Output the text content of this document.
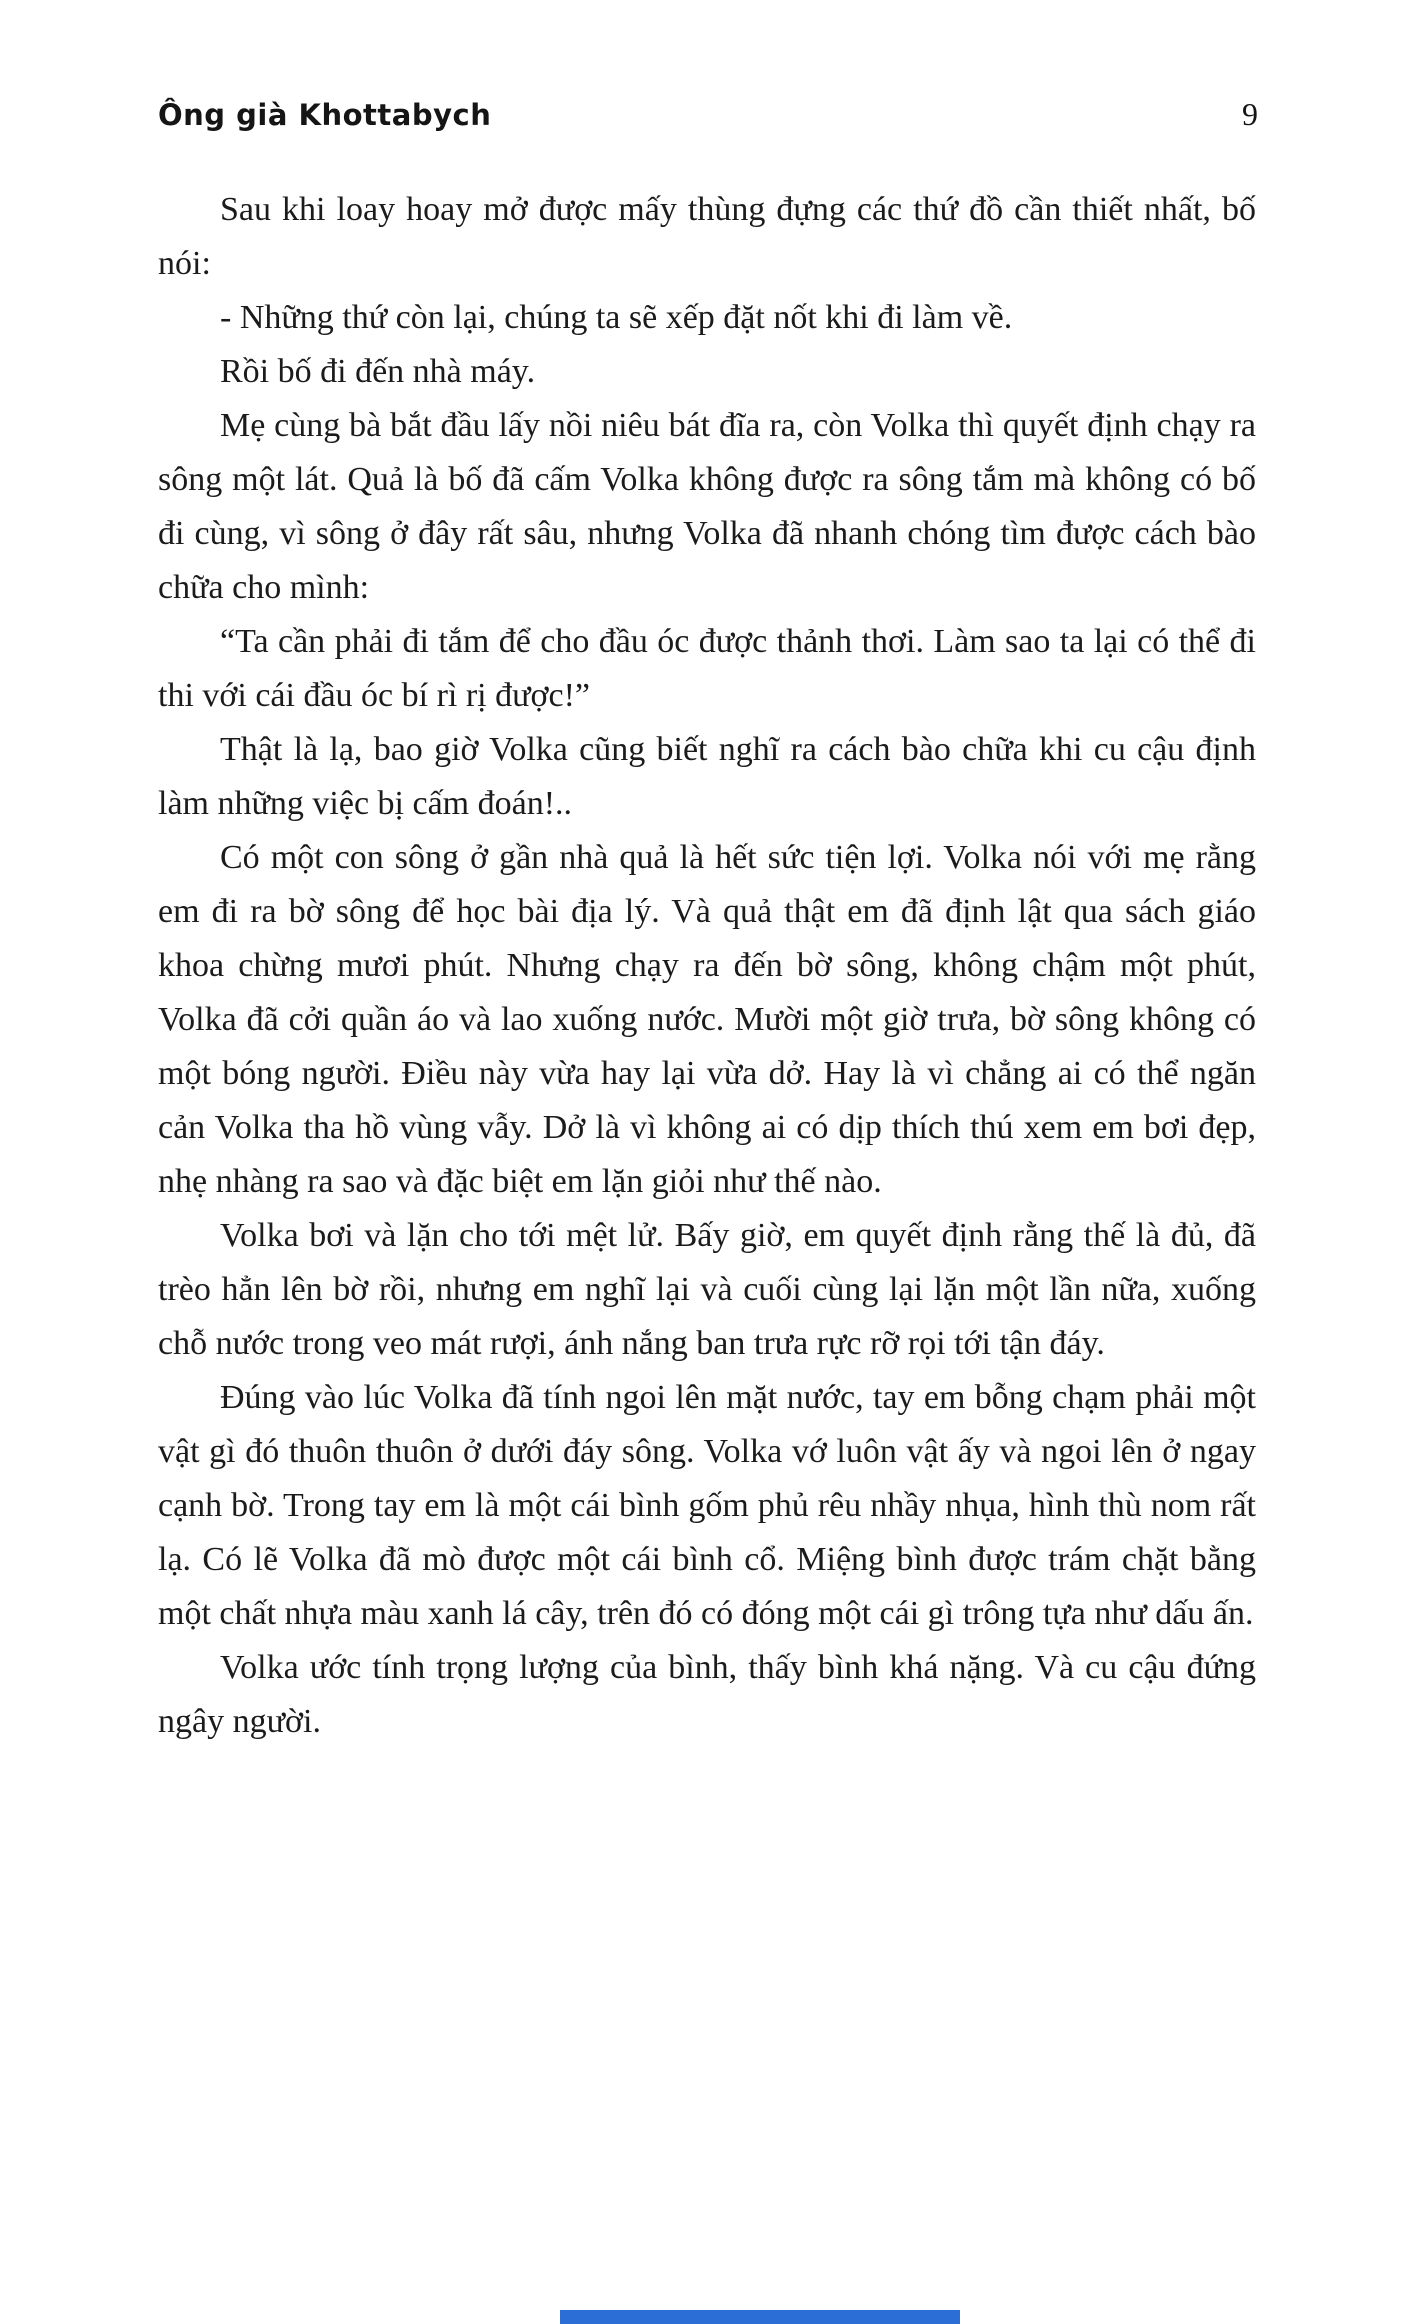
Ông già Khottabych	9

Sau khi loay hoay mở được mấy thùng đựng các thứ đồ cần thiết nhất, bố nói:

- Những thứ còn lại, chúng ta sẽ xếp đặt nốt khi đi làm về.

Rồi bố đi đến nhà máy.

Mẹ cùng bà bắt đầu lấy nồi niêu bát đĩa ra, còn Volka thì quyết định chạy ra sông một lát. Quả là bố đã cấm Volka không được ra sông tắm mà không có bố đi cùng, vì sông ở đây rất sâu, nhưng Volka đã nhanh chóng tìm được cách bào chữa cho mình:

“Ta cần phải đi tắm để cho đầu óc được thảnh thơi. Làm sao ta lại có thể đi thi với cái đầu óc bí rì rị được!”

Thật là lạ, bao giờ Volka cũng biết nghĩ ra cách bào chữa khi cu cậu định làm những việc bị cấm đoán!..

Có một con sông ở gần nhà quả là hết sức tiện lợi. Volka nói với mẹ rằng em đi ra bờ sông để học bài địa lý. Và quả thật em đã định lật qua sách giáo khoa chừng mươi phút. Nhưng chạy ra đến bờ sông, không chậm một phút, Volka đã cởi quần áo và lao xuống nước. Mười một giờ trưa, bờ sông không có một bóng người. Điều này vừa hay lại vừa dở. Hay là vì chẳng ai có thể ngăn cản Volka tha hồ vùng vẫy. Dở là vì không ai có dịp thích thú xem em bơi đẹp, nhẹ nhàng ra sao và đặc biệt em lặn giỏi như thế nào.

Volka bơi và lặn cho tới mệt lử. Bấy giờ, em quyết định rằng thế là đủ, đã trèo hẳn lên bờ rồi, nhưng em nghĩ lại và cuối cùng lại lặn một lần nữa, xuống chỗ nước trong veo mát rượi, ánh nắng ban trưa rực rỡ rọi tới tận đáy.

Đúng vào lúc Volka đã tính ngoi lên mặt nước, tay em bỗng chạm phải một vật gì đó thuôn thuôn ở dưới đáy sông. Volka vớ luôn vật ấy và ngoi lên ở ngay cạnh bờ. Trong tay em là một cái bình gốm phủ rêu nhầy nhụa, hình thù nom rất lạ. Có lẽ Volka đã mò được một cái bình cổ. Miệng bình được trám chặt bằng một chất nhựa màu xanh lá cây, trên đó có đóng một cái gì trông tựa như dấu ấn.

Volka ước tính trọng lượng của bình, thấy bình khá nặng. Và cu cậu đứng ngây người.
